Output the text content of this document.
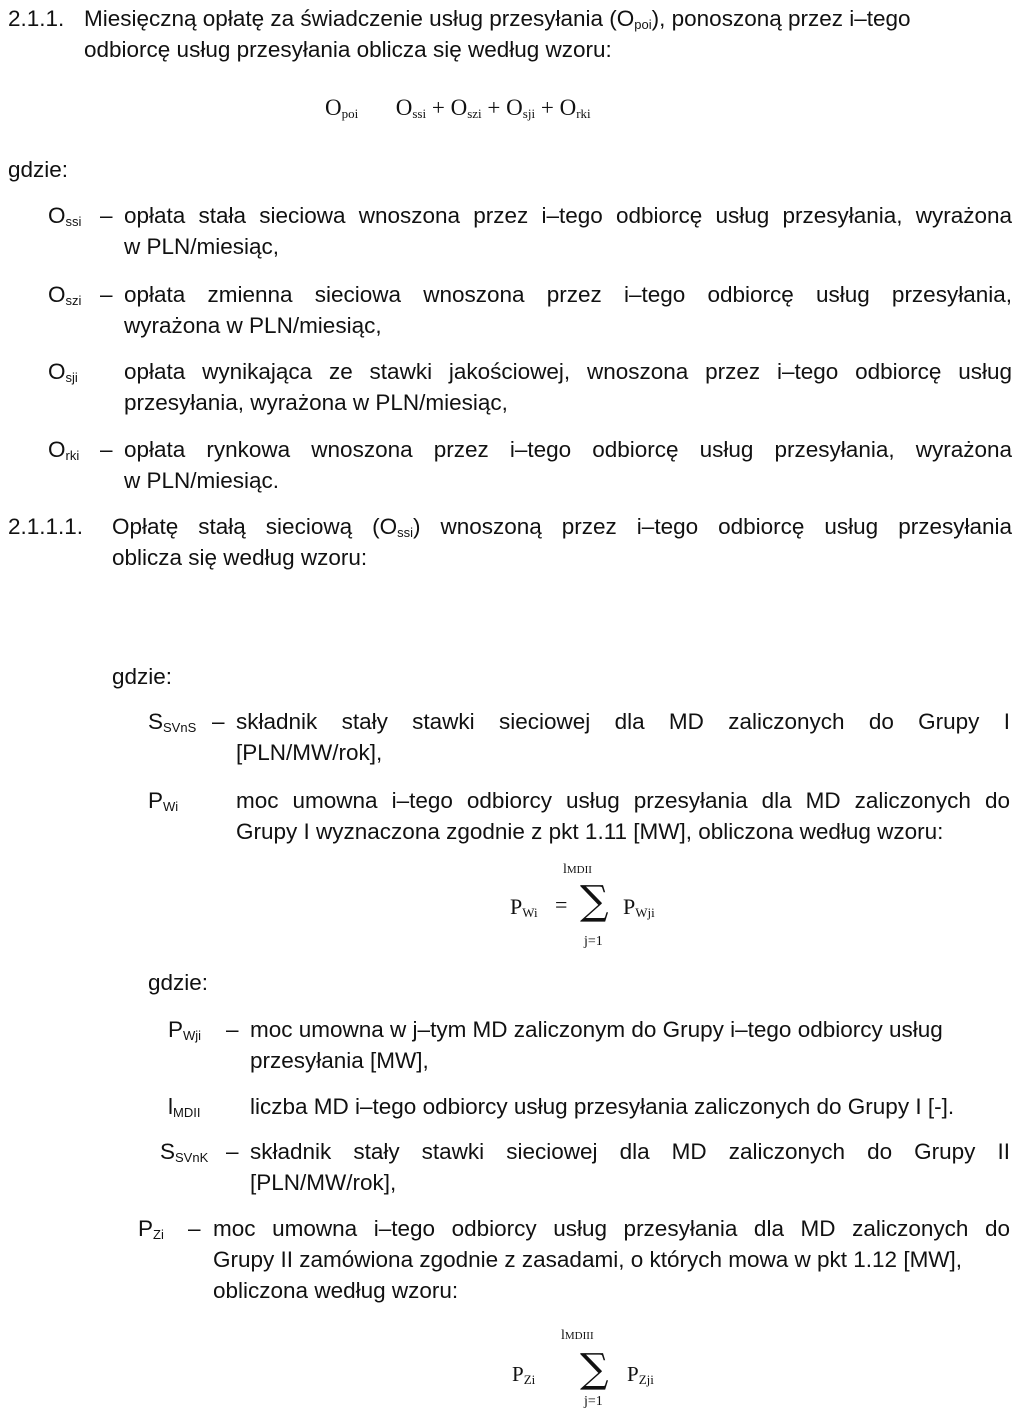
2.1.1. Miesięczną opłatę za świadczenie usług przesyłania $(O_{poi})$, ponoszoną przez i–tego
odbiorcę usług przesyłania oblicza się według wzoru:
$O_{poi}$ $O_{ssi} + O_{szi} + O_{sji} + O_{rki}$
gdzie:
$O_{ssi}$ – opłata stała sieciowa wnoszona przez i–tego odbiorcę usług przesyłania, wyrażona
w PLN/miesiąc,
$O_{szi}$ – opłata zmienna sieciowa wnoszona przez i–tego odbiorcę usług przesyłania,
wyrażona w PLN/miesiąc,
$O_{sji}$ opłata wynikająca ze stawki jakościowej, wnoszona przez i–tego odbiorcę usług
przesyłania, wyrażona w PLN/miesiąc,
$O_{rki}$ – opłata rynkowa wnoszona przez i–tego odbiorcę usług przesyłania, wyrażona
w PLN/miesiąc.
2.1.1.1. Opłatę stałą sieciową $(O_{ssi})$ wnoszoną przez i–tego odbiorcę usług przesyłania
oblicza się według wzoru:
gdzie:
$S_{SVnS}$ – składnik stały stawki sieciowej dla MD zaliczonych do Grupy I
[PLN/MW/rok],
$P_{Wi}$	moc umowna i–tego odbiorcy usług przesyłania dla MD zaliczonych do
Grupy I wyznaczona zgodnie z pkt 1.11 [MW], obliczona według wzoru:
lMDII
$P_{Wi}$ = ∑ $P_{Wji}$
j=1
gdzie:
$P_{Wji}$ – moc umowna w j–tym MD zaliczonym do Grupy i–tego odbiorcy usług
przesyłania [MW],
$l_{MDII}$ liczba MD i–tego odbiorcy usług przesyłania zaliczonych do Grupy I [-].
$S_{SVnK}$ – składnik stały stawki sieciowej dla MD zaliczonych do Grupy II
[PLN/MW/rok],
$P_{Zi}$ – moc umowna i–tego odbiorcy usług przesyłania dla MD zaliczonych do
Grupy II zamówiona zgodnie z zasadami, o których mowa w pkt 1.12 [MW],
obliczona według wzoru:
lMDIII
$P_{Zi}$ ∑ $P_{Zji}$
j=1
